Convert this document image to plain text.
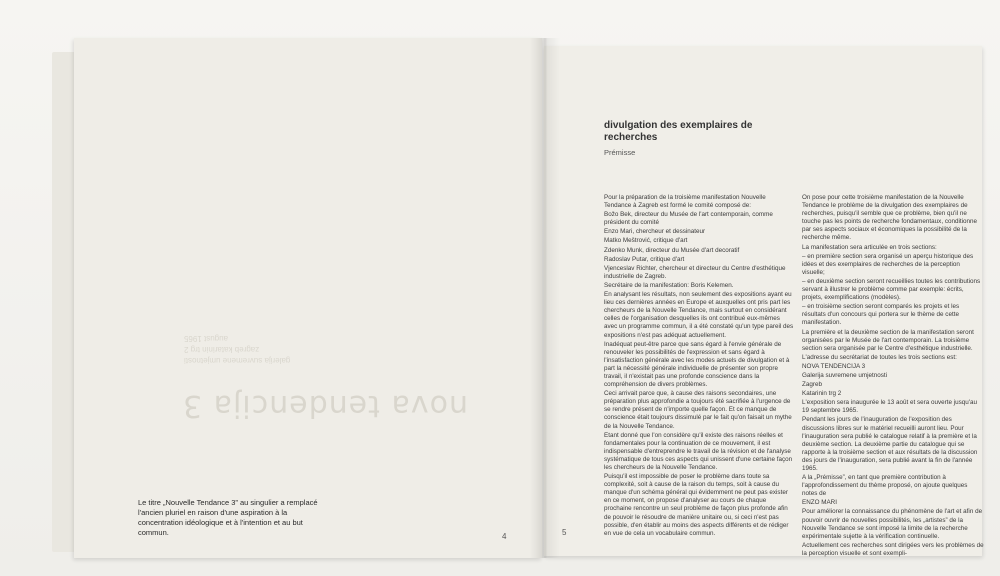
galerija suvremene umjetnosti
zagreb katarinin trg 2
august 1965
nova tendencija 3
Le titre „Nouvelle Tendance 3” au singulier a remplacé l'ancien pluriel en raison d'une aspiration à la concentration idéologique et à l'intention et au but commun.	4
divulgation des exemplaires de recherches
Prémisse

Pour la préparation de la troisième manifestation Nouvelle Tendance à Zagreb est formé le comité composé de:

Božo Bek, directeur du Musée de l'art contemporain, comme président du comité

Enzo Mari, chercheur et dessinateur

Matko Meštrović, critique d'art

Zdenko Munk, directeur du Musée d'art decoratif

Radoslav Putar, critique d'art

Vjenceslav Richter, chercheur et directeur du Centre d'esthétique industrielle de Zagreb.

Secrétaire de la manifestation: Boris Kelemen.

En analysant les résultats, non seulement des expositions ayant eu lieu ces dernières années en Europe et auxquelles ont pris part les chercheurs de la Nouvelle Tendance, mais surtout en considérant celles de l'organisation desquelles ils ont contribué eux-mêmes avec un programme commun, il a été constaté qu'un type pareil des expositions n'est pas adéquat actuellement.

Inadéquat peut-être parce que sans égard à l'envie générale de renouveler les possibilités de l'expression et sans égard à l'insatisfaction générale avec les modes actuels de divulgation et à part la nécessité générale individuelle de présenter son propre travail, il n'existait pas une profonde conscience dans la compréhension de divers problèmes.

Ceci arrivait parce que, à cause des raisons secondaires, une préparation plus approfondie a toujours été sacrifiée à l'urgence de se rendre présent de n'importe quelle façon. Et ce manque de conscience était toujours dissimulé par le fait qu'on faisait un mythe de la Nouvelle Tendance.

Etant donné que l'on considère qu'il existe des raisons réelles et fondamentales pour la continuation de ce mouvement, il est indispensable d'entreprendre le travail de la révision et de l'analyse systématique de tous ces aspects qui unissent d'une certaine façon les chercheurs de la Nouvelle Tendance.

Puisqu'il est impossible de poser le problème dans toute sa complexité, soit à cause de la raison du temps, soit à cause du manque d'un schéma général qui évidemment ne peut pas exister en ce moment, on propose d'analyser au cours de chaque prochaine rencontre un seul problème de façon plus profonde afin de pouvoir le résoudre de manière unitaire ou, si ceci n'est pas possible, d'en établir au moins des aspects différents et de rédiger en vue de cela un vocabulaire commun.

On pose pour cette troisième manifestation de la Nouvelle Tendance le problème de la divulgation des exemplaires de recherches, puisqu'il semble que ce problème, bien qu'il ne touche pas les points de recherche fondamentaux, conditionne par ses aspects sociaux et économiques la possibilité de la recherche même.

La manifestation sera articulée en trois sections:

– en première section sera organisé un aperçu historique des idées et des exemplaires de recherches de la perception visuelle;

– en deuxième section seront recueillies toutes les contributions servant à illustrer le problème comme par exemple: écrits, projets, exemplifications (modèles).

– en troisième section seront comparés les projets et les résultats d'un concours qui portera sur le thème de cette manifestation.

La première et la deuxième section de la manifestation seront organisées par le Musée de l'art contemporain. La troisième section sera organisée par le Centre d'esthétique industrielle.

L'adresse du secrétariat de toutes les trois sections est:

NOVA TENDENCIJA 3

Galerija suvremene umjetnosti

Zagreb

Katarinin trg 2

L'exposition sera inaugurée le 13 août et sera ouverte jusqu'au 19 septembre 1965.

Pendant les jours de l'inauguration de l'exposition des discussions libres sur le matériel recueilli auront lieu. Pour l'inauguration sera publié le catalogue relatif à la première et la deuxième section. La deuxième partie du catalogue qui se rapporte à la troisième section et aux résultats de la discussion des jours de l'inauguration, sera publié avant la fin de l'année 1965.

A la „Prémisse”, en tant que première contribution à l'approfondissement du thème proposé, on ajoute quelques notes de

ENZO MARI

Pour améliorer la connaissance du phénomène de l'art et afin de pouvoir ouvrir de nouvelles possibilités, les „artistes” de la Nouvelle Tendance se sont imposé la limite de la recherche expérimentale sujette à la vérification continuelle.

Actuellement ces recherches sont dirigées vers les problèmes de la perception visuelle et sont exempli-

5
